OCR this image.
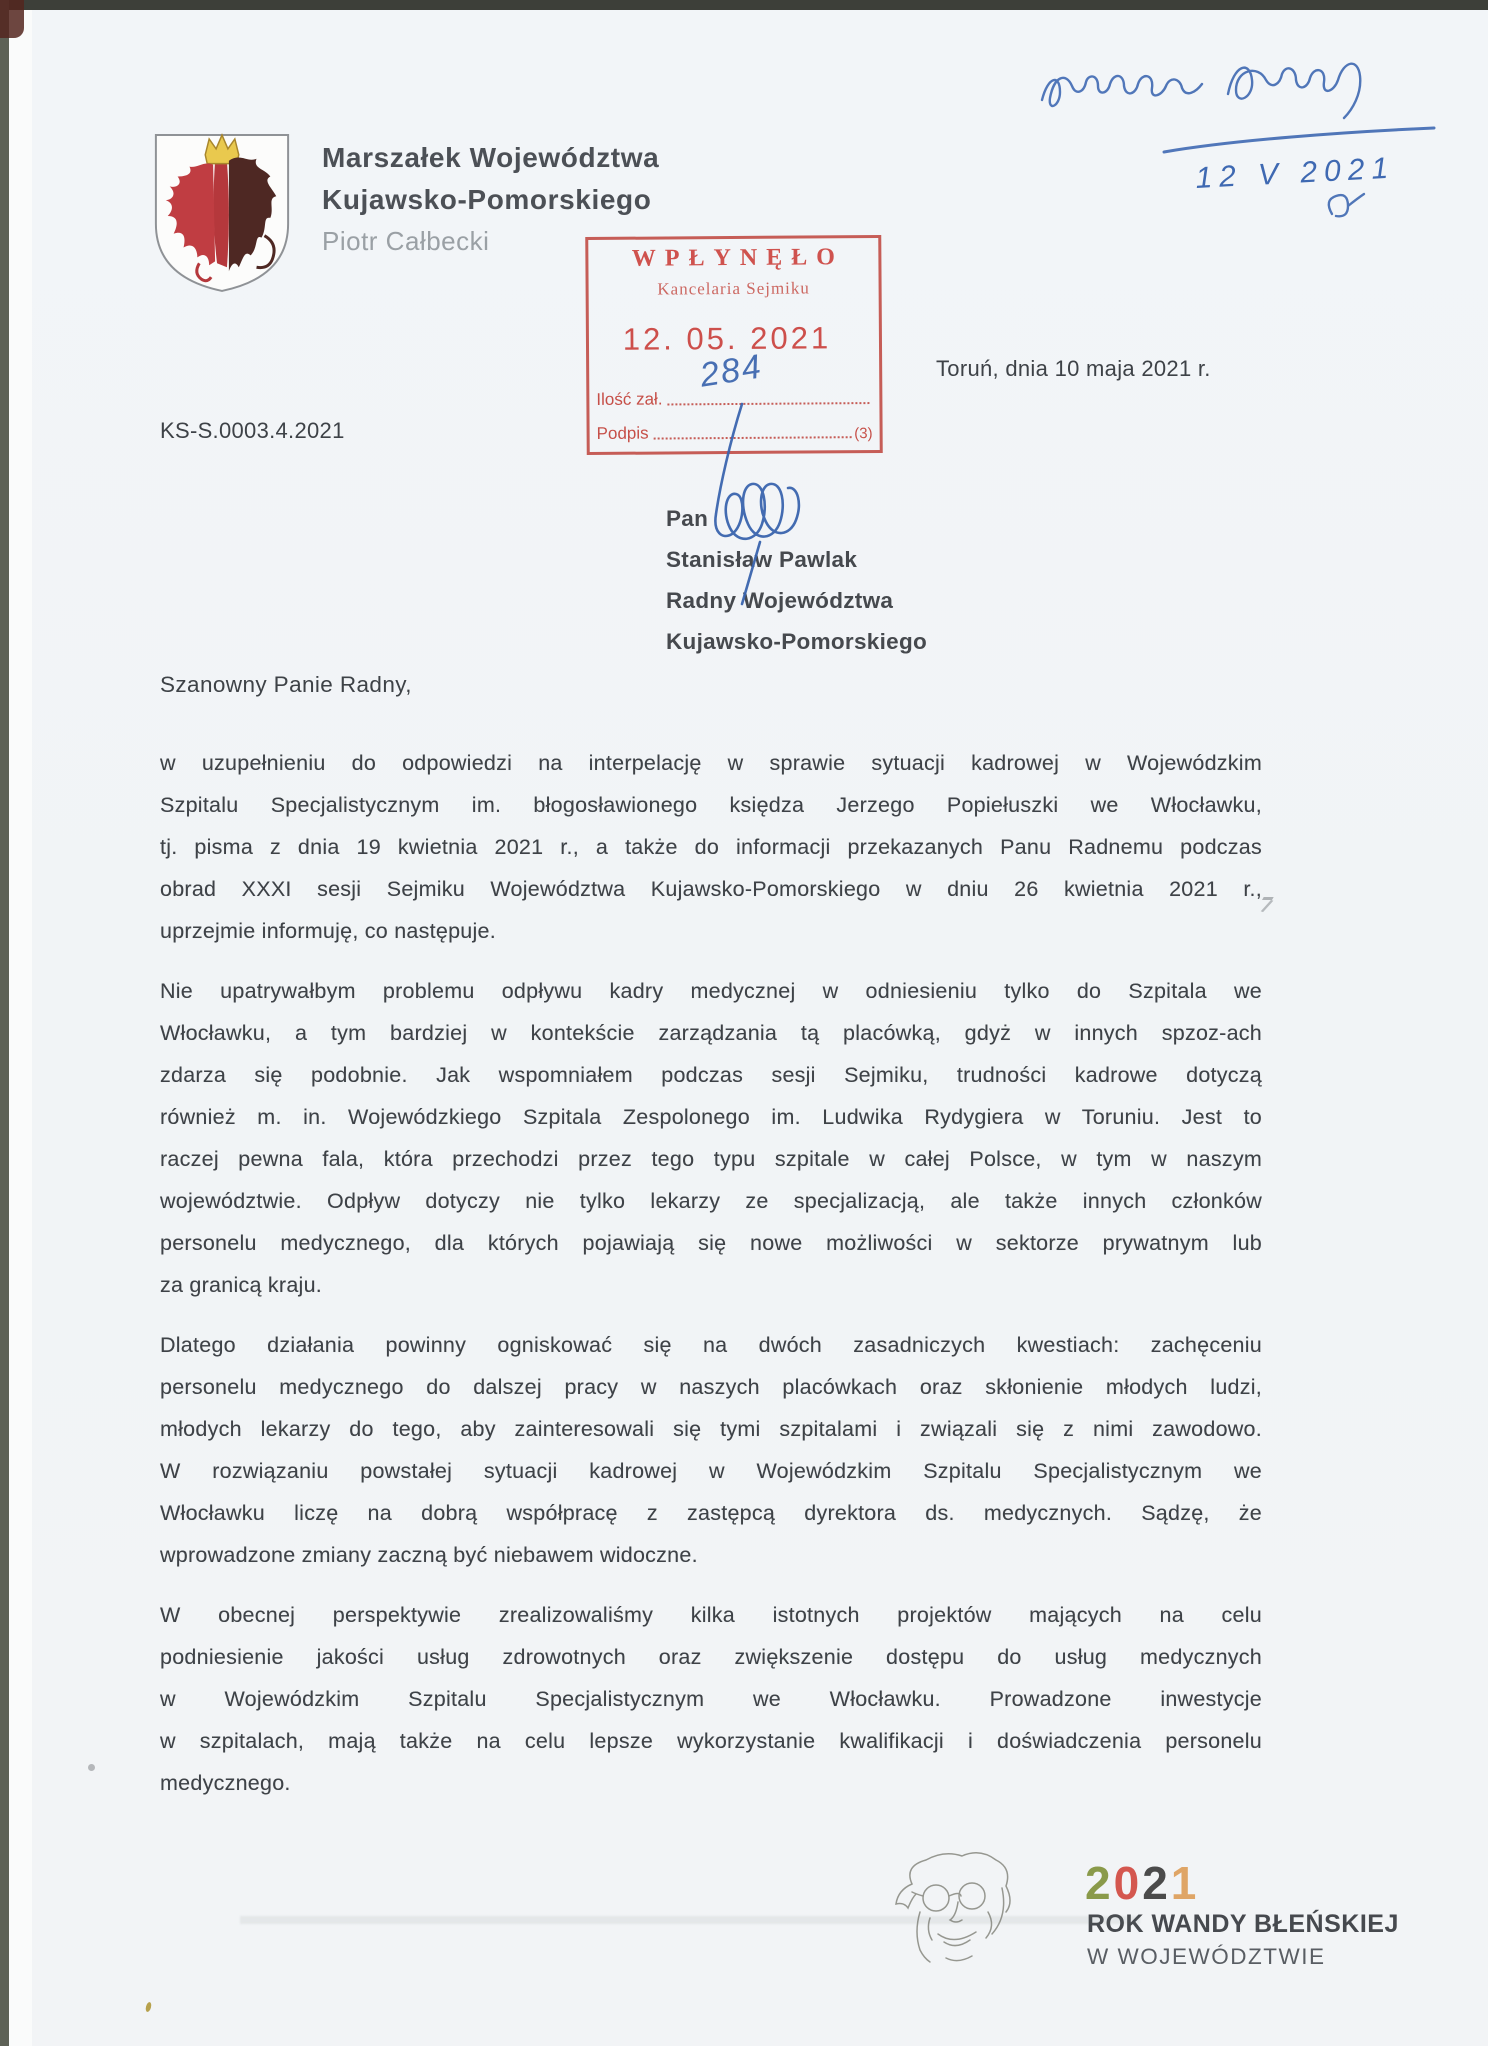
Marszałek Województwa
Kujawsko-Pomorskiego
Piotr Całbecki
12 V 2021
WPŁYNĘŁO
Kancelaria Sejmiku
12. 05. 2021
Ilość zał.
Podpis	(3)
284	Toruń, dnia 10 maja 2021 r.
KS-S.0003.4.2021
Pan
Stanisław Pawlak
Radny Województwa
Kujawsko-Pomorskiego
Szanowny Panie Radny,
w uzupełnieniu do odpowiedzi na interpelację w sprawie sytuacji kadrowej w Wojewódzkim
Szpitalu Specjalistycznym im. błogosławionego księdza Jerzego Popiełuszki we Włocławku,
tj. pisma z dnia 19 kwietnia 2021 r., a także do informacji przekazanych Panu Radnemu podczas
obrad XXXI sesji Sejmiku Województwa Kujawsko-Pomorskiego w dniu 26 kwietnia 2021 r.,
uprzejmie informuję, co następuje.
Nie upatrywałbym problemu odpływu kadry medycznej w odniesieniu tylko do Szpitala we
Włocławku, a tym bardziej w kontekście zarządzania tą placówką, gdyż w innych spzoz-ach
zdarza się podobnie. Jak wspomniałem podczas sesji Sejmiku, trudności kadrowe dotyczą
również m. in. Wojewódzkiego Szpitala Zespolonego im. Ludwika Rydygiera w Toruniu. Jest to
raczej pewna fala, która przechodzi przez tego typu szpitale w całej Polsce, w tym w naszym
województwie. Odpływ dotyczy nie tylko lekarzy ze specjalizacją, ale także innych członków
personelu medycznego, dla których pojawiają się nowe możliwości w sektorze prywatnym lub
za granicą kraju.
Dlatego działania powinny ogniskować się na dwóch zasadniczych kwestiach: zachęceniu
personelu medycznego do dalszej pracy w naszych placówkach oraz skłonienie młodych ludzi,
młodych lekarzy do tego, aby zainteresowali się tymi szpitalami i związali się z nimi zawodowo.
W rozwiązaniu powstałej sytuacji kadrowej w Wojewódzkim Szpitalu Specjalistycznym we
Włocławku liczę na dobrą współpracę z zastępcą dyrektora ds. medycznych. Sądzę, że
wprowadzone zmiany zaczną być niebawem widoczne.
W obecnej perspektywie zrealizowaliśmy kilka istotnych projektów mających na celu
podniesienie jakości usług zdrowotnych oraz zwiększenie dostępu do usług medycznych
w Wojewódzkim Szpitalu Specjalistycznym we Włocławku. Prowadzone inwestycje
w szpitalach, mają także na celu lepsze wykorzystanie kwalifikacji i doświadczenia personelu
medycznego.
2021
ROK WANDY BŁEŃSKIEJ
W WOJEWÓDZTWIE
